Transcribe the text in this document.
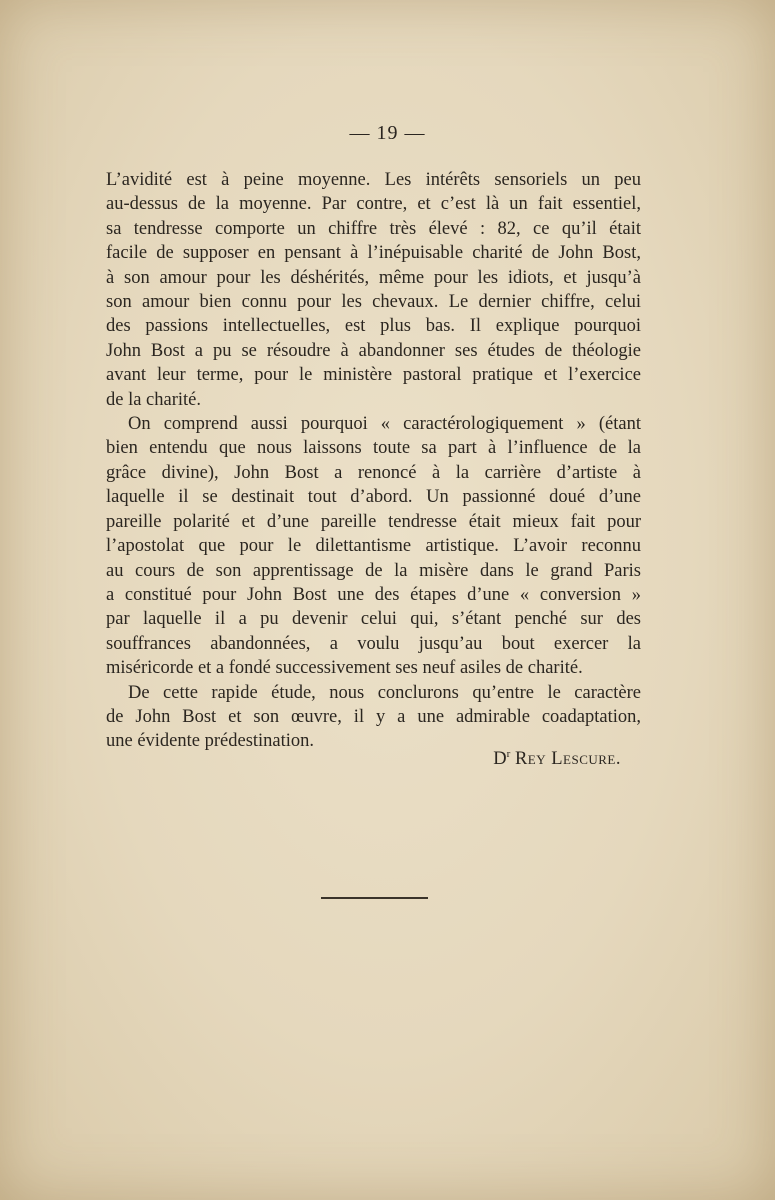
— 19 —

L’avidité est à peine moyenne. Les intérêts sensoriels un peu
au-dessus de la moyenne. Par contre, et c’est là un fait essentiel,
sa tendresse comporte un chiffre très élevé : 82, ce qu’il était
facile de supposer en pensant à l’inépuisable charité de John Bost,
à son amour pour les déshérités, même pour les idiots, et jusqu’à
son amour bien connu pour les chevaux. Le dernier chiffre, celui
des passions intellectuelles, est plus bas. Il explique pourquoi
John Bost a pu se résoudre à abandonner ses études de théologie
avant leur terme, pour le ministère pastoral pratique et l’exercice
de la charité.

On comprend aussi pourquoi « caractérologiquement » (étant
bien entendu que nous laissons toute sa part à l’influence de la
grâce divine), John Bost a renoncé à la carrière d’artiste à
laquelle il se destinait tout d’abord. Un passionné doué d’une
pareille polarité et d’une pareille tendresse était mieux fait pour
l’apostolat que pour le dilettantisme artistique. L’avoir reconnu
au cours de son apprentissage de la misère dans le grand Paris
a constitué pour John Bost une des étapes d’une « conversion »
par laquelle il a pu devenir celui qui, s’étant penché sur des
souffrances abandonnées, a voulu jusqu’au bout exercer la
miséricorde et a fondé successivement ses neuf asiles de charité.

De cette rapide étude, nous conclurons qu’entre le caractère
de John Bost et son œuvre, il y a une admirable coadaptation,
une évidente prédestination.

$D^r$ Rey Lescure.
